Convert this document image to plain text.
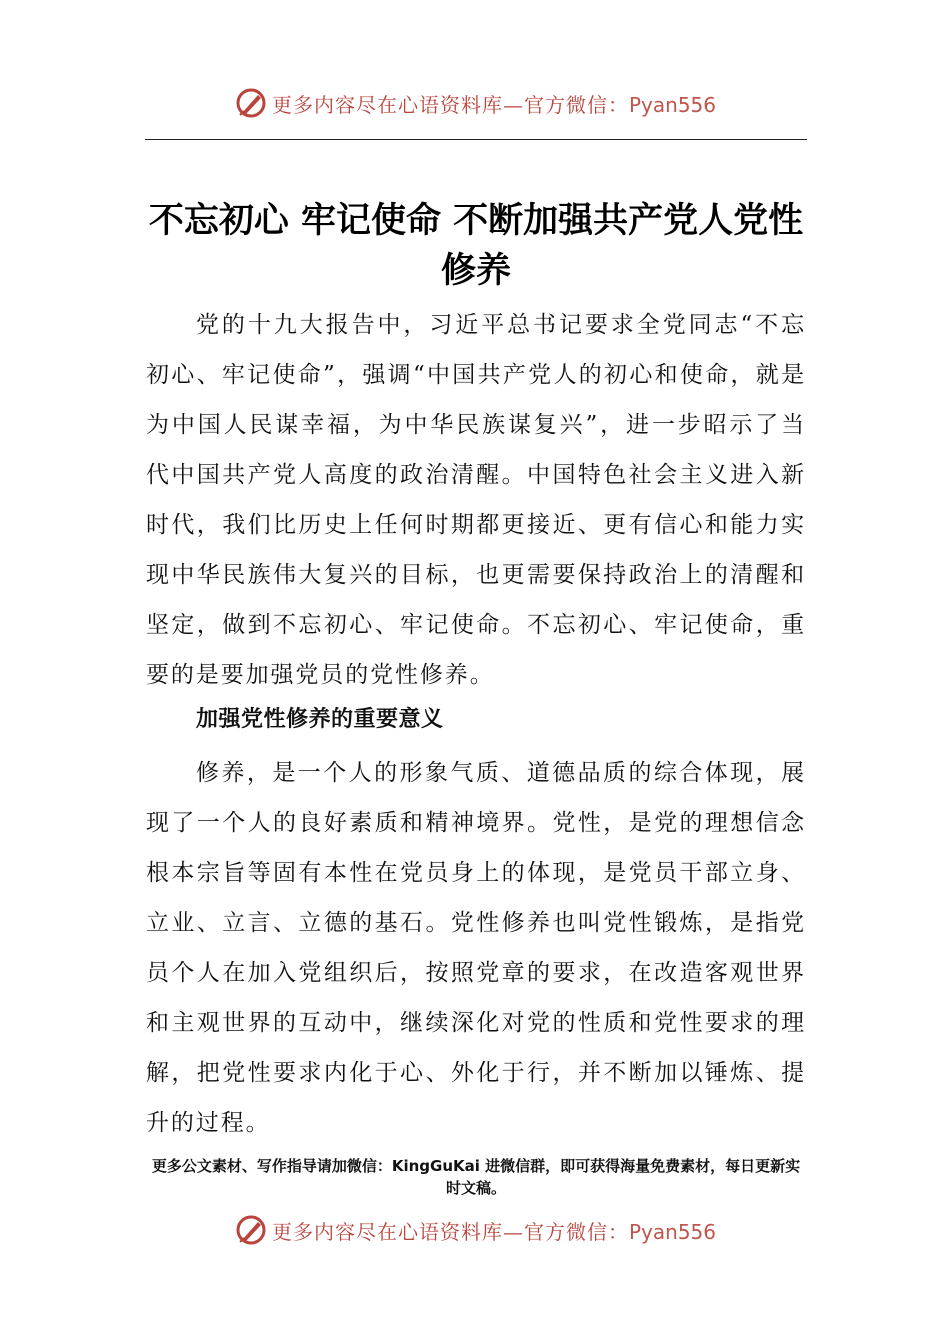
更多内容尽在心语资料库—官方微信：Pyan556
不忘初心 牢记使命 不断加强共产党人党性
修养

党的十九大报告中，习近平总书记要求全党同志“不忘初心、牢记使命”，强调“中国共产党人的初心和使命，就是为中国人民谋幸福，为中华民族谋复兴”，进一步昭示了当代中国共产党人高度的政治清醒。中国特色社会主义进入新时代，我们比历史上任何时期都更接近、更有信心和能力实现中华民族伟大复兴的目标，也更需要保持政治上的清醒和坚定，做到不忘初心、牢记使命。不忘初心、牢记使命，重要的是要加强党员的党性修养。

加强党性修养的重要意义

修养，是一个人的形象气质、道德品质的综合体现，展现了一个人的良好素质和精神境界。党性，是党的理想信念根本宗旨等固有本性在党员身上的体现，是党员干部立身、立业、立言、立德的基石。党性修养也叫党性锻炼，是指党员个人在加入党组织后，按照党章的要求，在改造客观世界和主观世界的互动中，继续深化对党的性质和党性要求的理解，把党性要求内化于心、外化于行，并不断加以锤炼、提升的过程。

更多公文素材、写作指导请加微信：KingGuKai 进微信群，即可获得海量免费素材，每日更新实时文稿。

更多内容尽在心语资料库—官方微信：Pyan556
